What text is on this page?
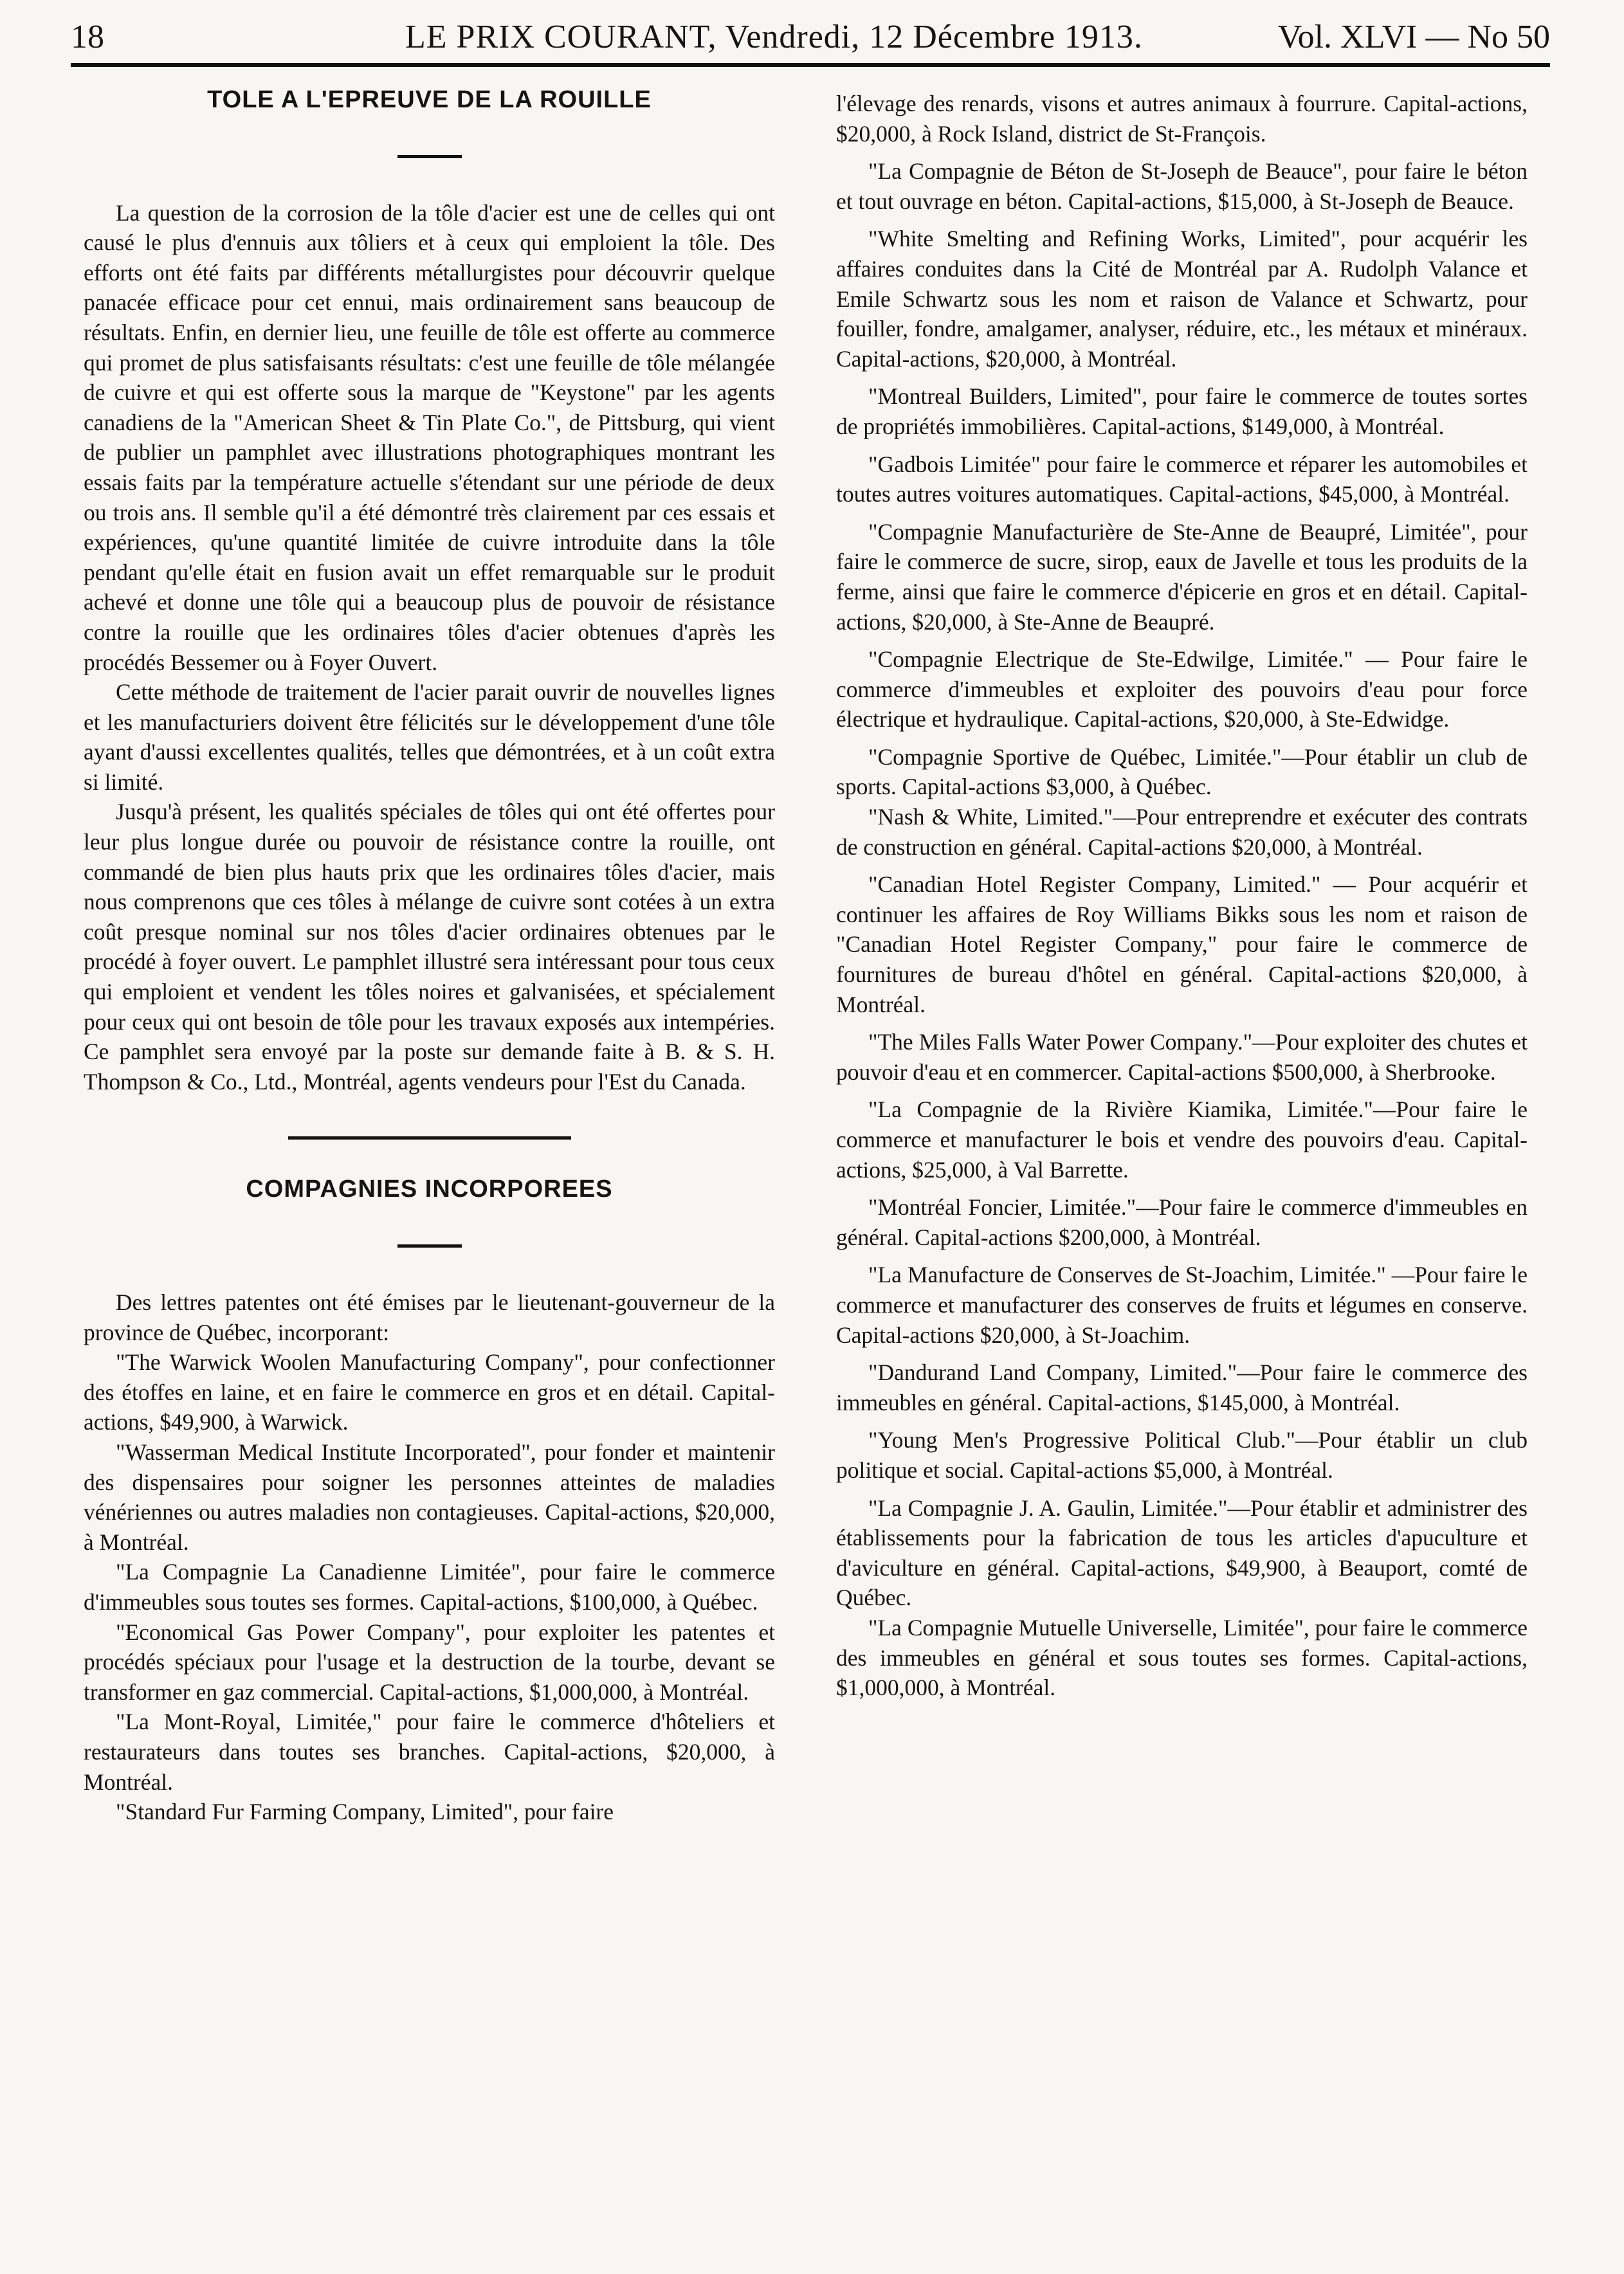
18	LE PRIX COURANT, Vendredi, 12 Décembre 1913.	Vol. XLVI — No 50
TOLE A L'EPREUVE DE LA ROUILLE

La question de la corrosion de la tôle d'acier est une de celles qui ont causé le plus d'ennuis aux tôliers et à ceux qui emploient la tôle. Des efforts ont été faits par différents métallurgistes pour découvrir quelque panacée efficace pour cet ennui, mais ordinairement sans beaucoup de résultats. Enfin, en dernier lieu, une feuille de tôle est offerte au commerce qui promet de plus satisfaisants résultats: c'est une feuille de tôle mélangée de cuivre et qui est offerte sous la marque de "Keystone" par les agents canadiens de la "American Sheet & Tin Plate Co.", de Pittsburg, qui vient de publier un pamphlet avec illustrations photographiques montrant les essais faits par la température actuelle s'étendant sur une période de deux ou trois ans. Il semble qu'il a été démontré très clairement par ces essais et expériences, qu'une quantité limitée de cuivre introduite dans la tôle pendant qu'elle était en fusion avait un effet remarquable sur le produit achevé et donne une tôle qui a beaucoup plus de pouvoir de résistance contre la rouille que les ordinaires tôles d'acier obtenues d'après les procédés Bessemer ou à Foyer Ouvert.

Cette méthode de traitement de l'acier parait ouvrir de nouvelles lignes et les manufacturiers doivent être félicités sur le développement d'une tôle ayant d'aussi excellentes qualités, telles que démontrées, et à un coût extra si limité.

Jusqu'à présent, les qualités spéciales de tôles qui ont été offertes pour leur plus longue durée ou pouvoir de résistance contre la rouille, ont commandé de bien plus hauts prix que les ordinaires tôles d'acier, mais nous comprenons que ces tôles à mélange de cuivre sont cotées à un extra coût presque nominal sur nos tôles d'acier ordinaires obtenues par le procédé à foyer ouvert. Le pamphlet illustré sera intéressant pour tous ceux qui emploient et vendent les tôles noires et galvanisées, et spécialement pour ceux qui ont besoin de tôle pour les travaux exposés aux intempéries. Ce pamphlet sera envoyé par la poste sur demande faite à B. & S. H. Thompson & Co., Ltd., Montréal, agents vendeurs pour l'Est du Canada.

COMPAGNIES INCORPOREES

Des lettres patentes ont été émises par le lieutenant-gouverneur de la province de Québec, incorporant:

"The Warwick Woolen Manufacturing Company", pour confectionner des étoffes en laine, et en faire le commerce en gros et en détail. Capital-actions, $49,900, à Warwick.

"Wasserman Medical Institute Incorporated", pour fonder et maintenir des dispensaires pour soigner les personnes atteintes de maladies vénériennes ou autres maladies non contagieuses. Capital-actions, $20,000, à Montréal.

"La Compagnie La Canadienne Limitée", pour faire le commerce d'immeubles sous toutes ses formes. Capital-actions, $100,000, à Québec.

"Economical Gas Power Company", pour exploiter les patentes et procédés spéciaux pour l'usage et la destruction de la tourbe, devant se transformer en gaz commercial. Capital-actions, $1,000,000, à Montréal.

"La Mont-Royal, Limitée," pour faire le commerce d'hôteliers et restaurateurs dans toutes ses branches. Capital-actions, $20,000, à Montréal.

"Standard Fur Farming Company, Limited", pour faire

l'élevage des renards, visons et autres animaux à fourrure. Capital-actions, $20,000, à Rock Island, district de St-François.

"La Compagnie de Béton de St-Joseph de Beauce", pour faire le béton et tout ouvrage en béton. Capital-actions, $15,000, à St-Joseph de Beauce.

"White Smelting and Refining Works, Limited", pour acquérir les affaires conduites dans la Cité de Montréal par A. Rudolph Valance et Emile Schwartz sous les nom et raison de Valance et Schwartz, pour fouiller, fondre, amalgamer, analyser, réduire, etc., les métaux et minéraux. Capital-actions, $20,000, à Montréal.

"Montreal Builders, Limited", pour faire le commerce de toutes sortes de propriétés immobilières. Capital-actions, $149,000, à Montréal.

"Gadbois Limitée" pour faire le commerce et réparer les automobiles et toutes autres voitures automatiques. Capital-actions, $45,000, à Montréal.

"Compagnie Manufacturière de Ste-Anne de Beaupré, Limitée", pour faire le commerce de sucre, sirop, eaux de Javelle et tous les produits de la ferme, ainsi que faire le commerce d'épicerie en gros et en détail. Capital-actions, $20,000, à Ste-Anne de Beaupré.

"Compagnie Electrique de Ste-Edwilge, Limitée." — Pour faire le commerce d'immeubles et exploiter des pouvoirs d'eau pour force électrique et hydraulique. Capital-actions, $20,000, à Ste-Edwidge.

"Compagnie Sportive de Québec, Limitée."—Pour établir un club de sports. Capital-actions $3,000, à Québec.

"Nash & White, Limited."—Pour entreprendre et exécuter des contrats de construction en général. Capital-actions $20,000, à Montréal.

"Canadian Hotel Register Company, Limited." — Pour acquérir et continuer les affaires de Roy Williams Bikks sous les nom et raison de "Canadian Hotel Register Company," pour faire le commerce de fournitures de bureau d'hôtel en général. Capital-actions $20,000, à Montréal.

"The Miles Falls Water Power Company."—Pour exploiter des chutes et pouvoir d'eau et en commercer. Capital-actions $500,000, à Sherbrooke.

"La Compagnie de la Rivière Kiamika, Limitée."—Pour faire le commerce et manufacturer le bois et vendre des pouvoirs d'eau. Capital-actions, $25,000, à Val Barrette.

"Montréal Foncier, Limitée."—Pour faire le commerce d'immeubles en général. Capital-actions $200,000, à Montréal.

"La Manufacture de Conserves de St-Joachim, Limitée." —Pour faire le commerce et manufacturer des conserves de fruits et légumes en conserve. Capital-actions $20,000, à St-Joachim.

"Dandurand Land Company, Limited."—Pour faire le commerce des immeubles en général. Capital-actions, $145,000, à Montréal.

"Young Men's Progressive Political Club."—Pour établir un club politique et social. Capital-actions $5,000, à Montréal.

"La Compagnie J. A. Gaulin, Limitée."—Pour établir et administrer des établissements pour la fabrication de tous les articles d'apuculture et d'aviculture en général. Capital-actions, $49,900, à Beauport, comté de Québec.

"La Compagnie Mutuelle Universelle, Limitée", pour faire le commerce des immeubles en général et sous toutes ses formes. Capital-actions, $1,000,000, à Montréal.
